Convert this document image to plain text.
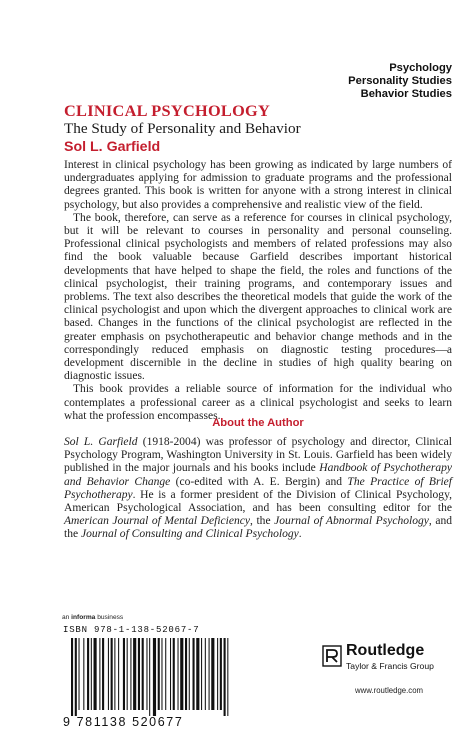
Psychology
Personality Studies
Behavior Studies
CLINICAL PSYCHOLOGY
The Study of Personality and Behavior
Sol L. Garfield

Interest in clinical psychology has been growing as indicated by large numbers of undergraduates applying for admission to graduate programs and the professional degrees granted. This book is written for anyone with a strong interest in clinical psychology, but also provides a comprehensive and realistic view of the field.

The book, therefore, can serve as a reference for courses in clinical psychology, but it will be relevant to courses in personality and personal counseling. Professional clinical psychologists and members of related professions may also find the book valuable because Garfield describes important historical developments that have helped to shape the field, the roles and functions of the clinical psychologist, their training programs, and contemporary issues and problems. The text also describes the theoretical models that guide the work of the clinical psychologist and upon which the divergent approaches to clinical work are based. Changes in the functions of the clinical psychologist are reflected in the greater emphasis on psychotherapeutic and behavior change methods and in the correspondingly reduced emphasis on diagnostic testing procedures—a development discernible in the decline in studies of high quality bearing on diagnostic issues.

This book provides a reliable source of information for the individual who contemplates a professional career as a clinical psychologist and seeks to learn what the profession encompasses.

About the Author
Sol L. Garfield (1918-2004) was professor of psychology and director, Clinical Psychology Program, Washington University in St. Louis. Garfield has been widely published in the major journals and his books include Handbook of Psychotherapy and Behavior Change (co-edited with A. E. Bergin) and The Practice of Brief Psychotherapy. He is a former president of the Division of Clinical Psychology, American Psychological Association, and has been consulting editor for the American Journal of Mental Deficiency, the Journal of Abnormal Psychology, and the Journal of Consulting and Clinical Psychology.
an informa business
ISBN 978-1-138-52067-7
9 781138 520677
Routledge
Taylor & Francis Group
www.routledge.com
